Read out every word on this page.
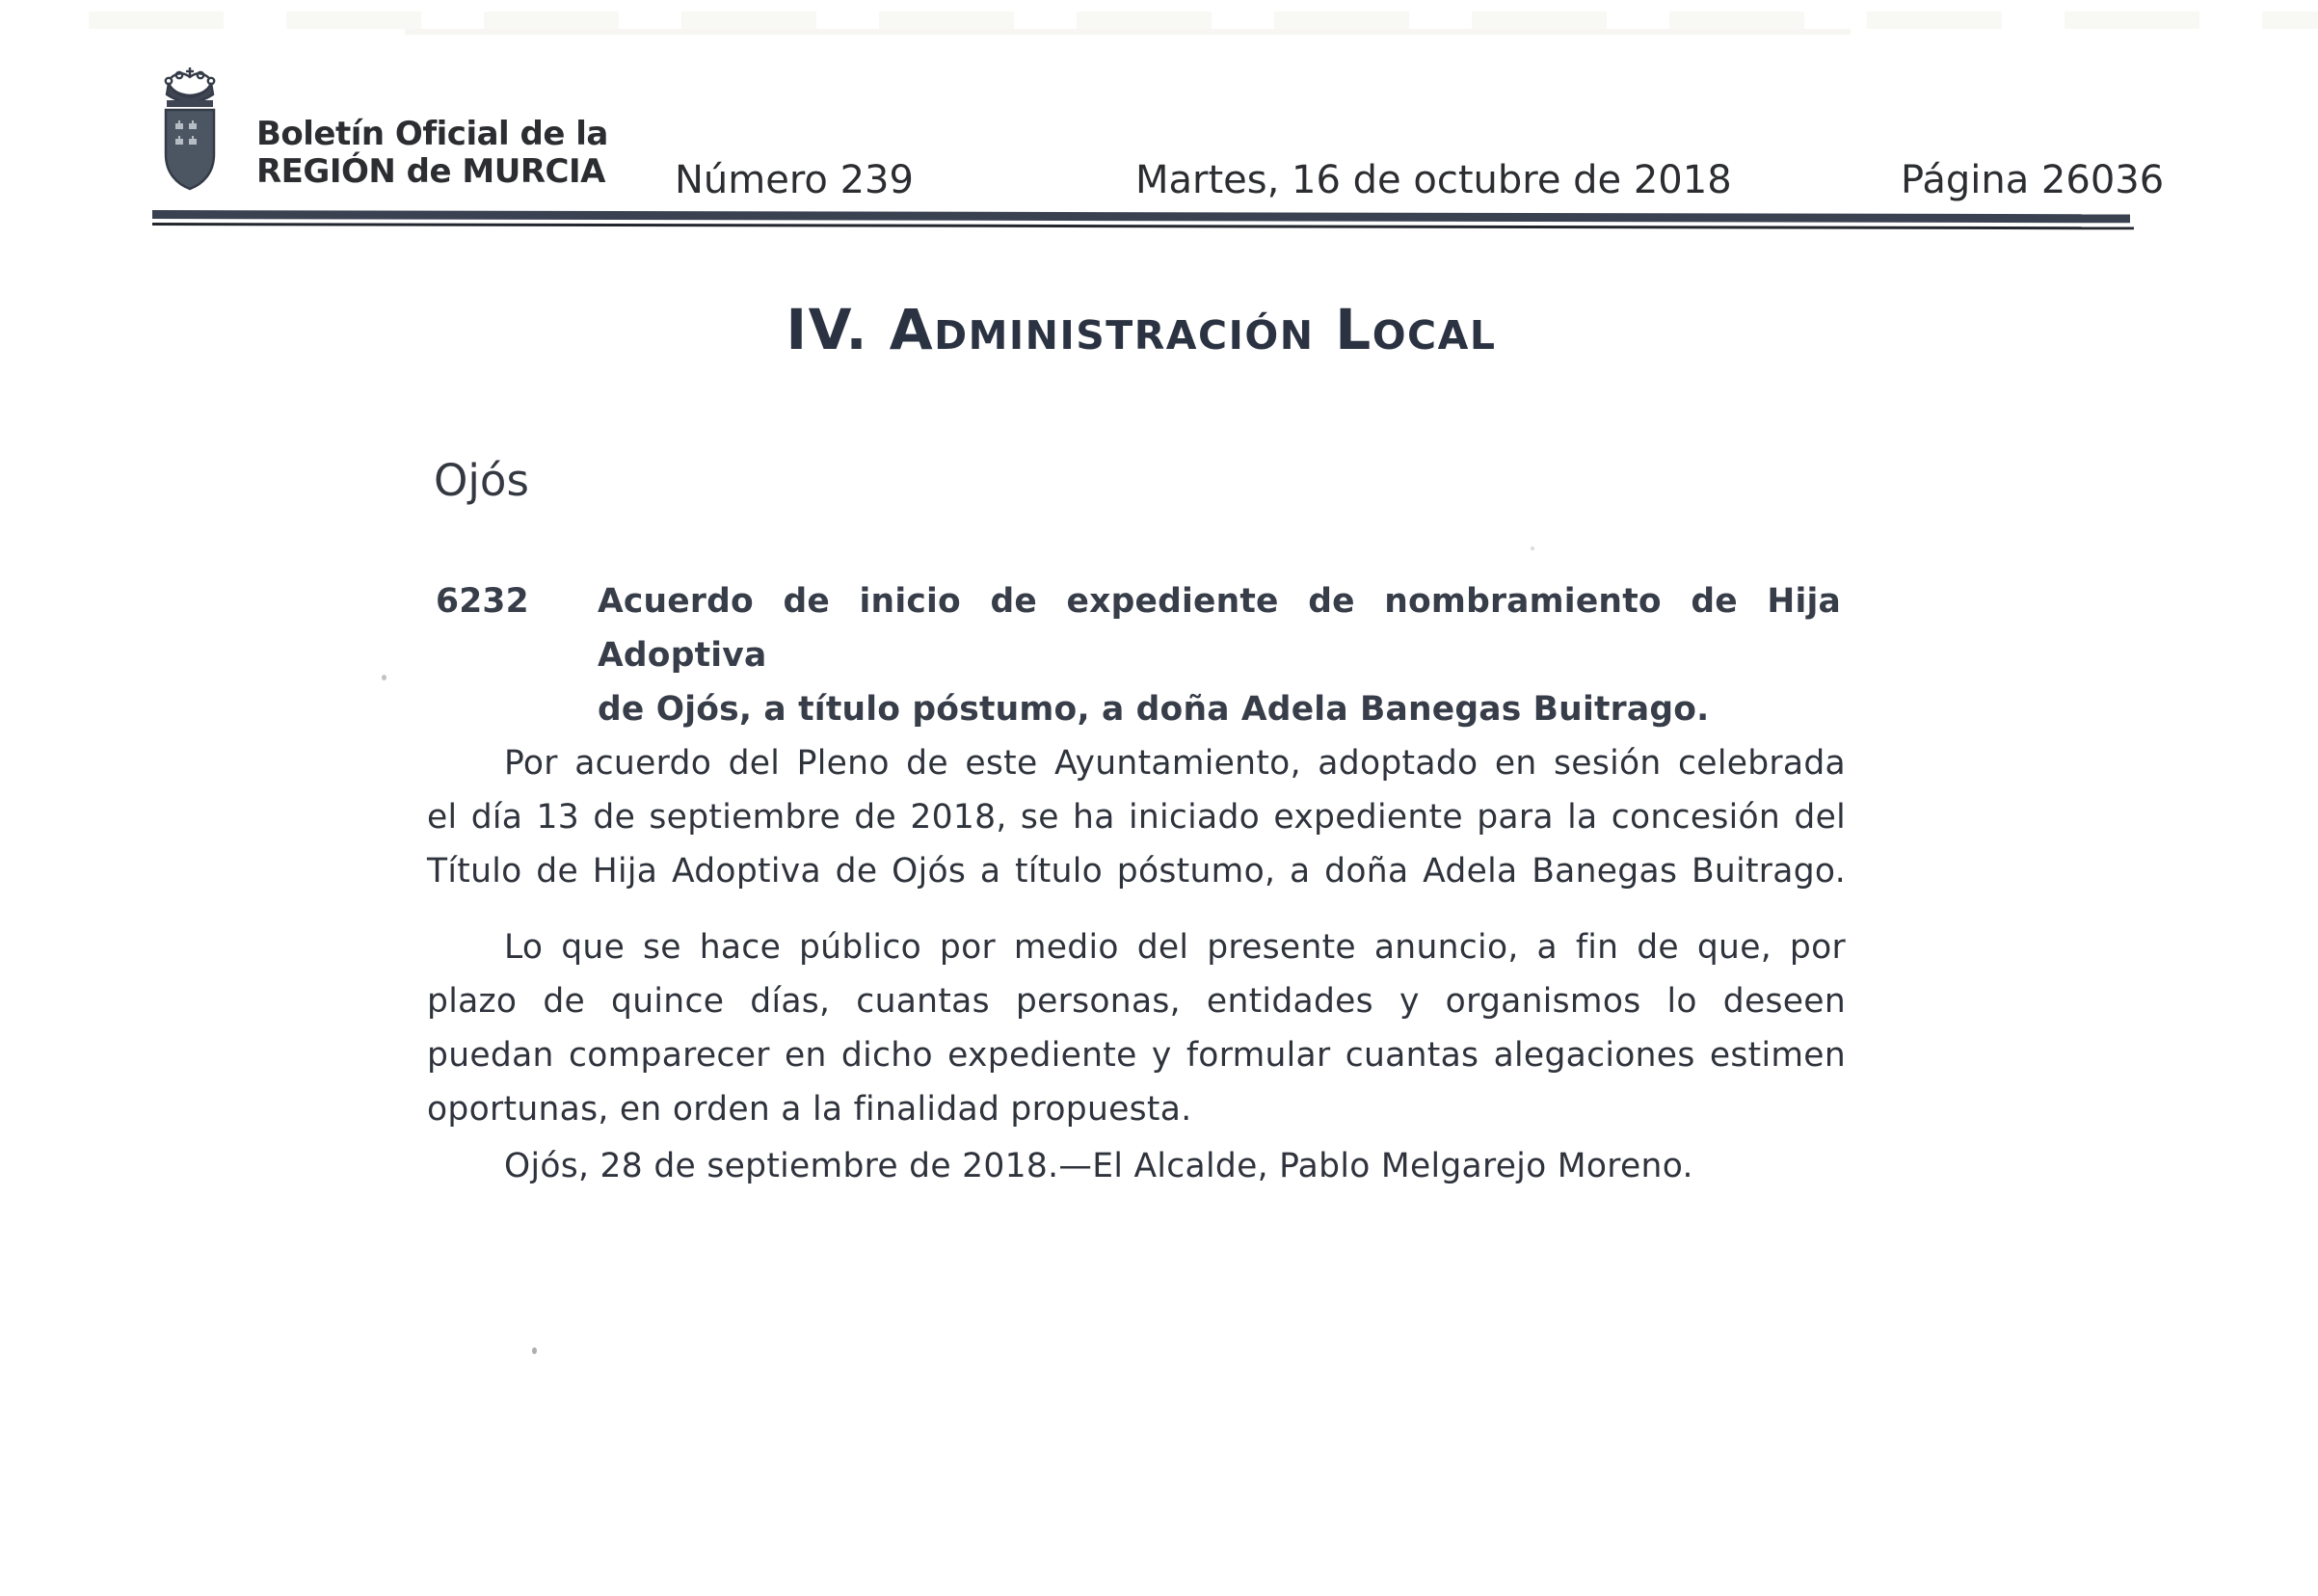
Boletín Oficial de la
REGIÓN de MURCIA Número 239	Martes, 16 de octubre de 2018	Página 26036
IV. Administración Local
Ojós
6232	Acuerdo de inicio de expediente de nombramiento de Hija Adoptiva
de Ojós, a título póstumo, a doña Adela Banegas Buitrago.
Por acuerdo del Pleno de este Ayuntamiento, adoptado en sesión celebrada
el día 13 de septiembre de 2018, se ha iniciado expediente para la concesión del
Título de Hija Adoptiva de Ojós a título póstumo, a doña Adela Banegas Buitrago.
Lo que se hace público por medio del presente anuncio, a fin de que, por
plazo de quince días, cuantas personas, entidades y organismos lo deseen
puedan comparecer en dicho expediente y formular cuantas alegaciones estimen
oportunas, en orden a la finalidad propuesta.
Ojós, 28 de septiembre de 2018.—El Alcalde, Pablo Melgarejo Moreno.
